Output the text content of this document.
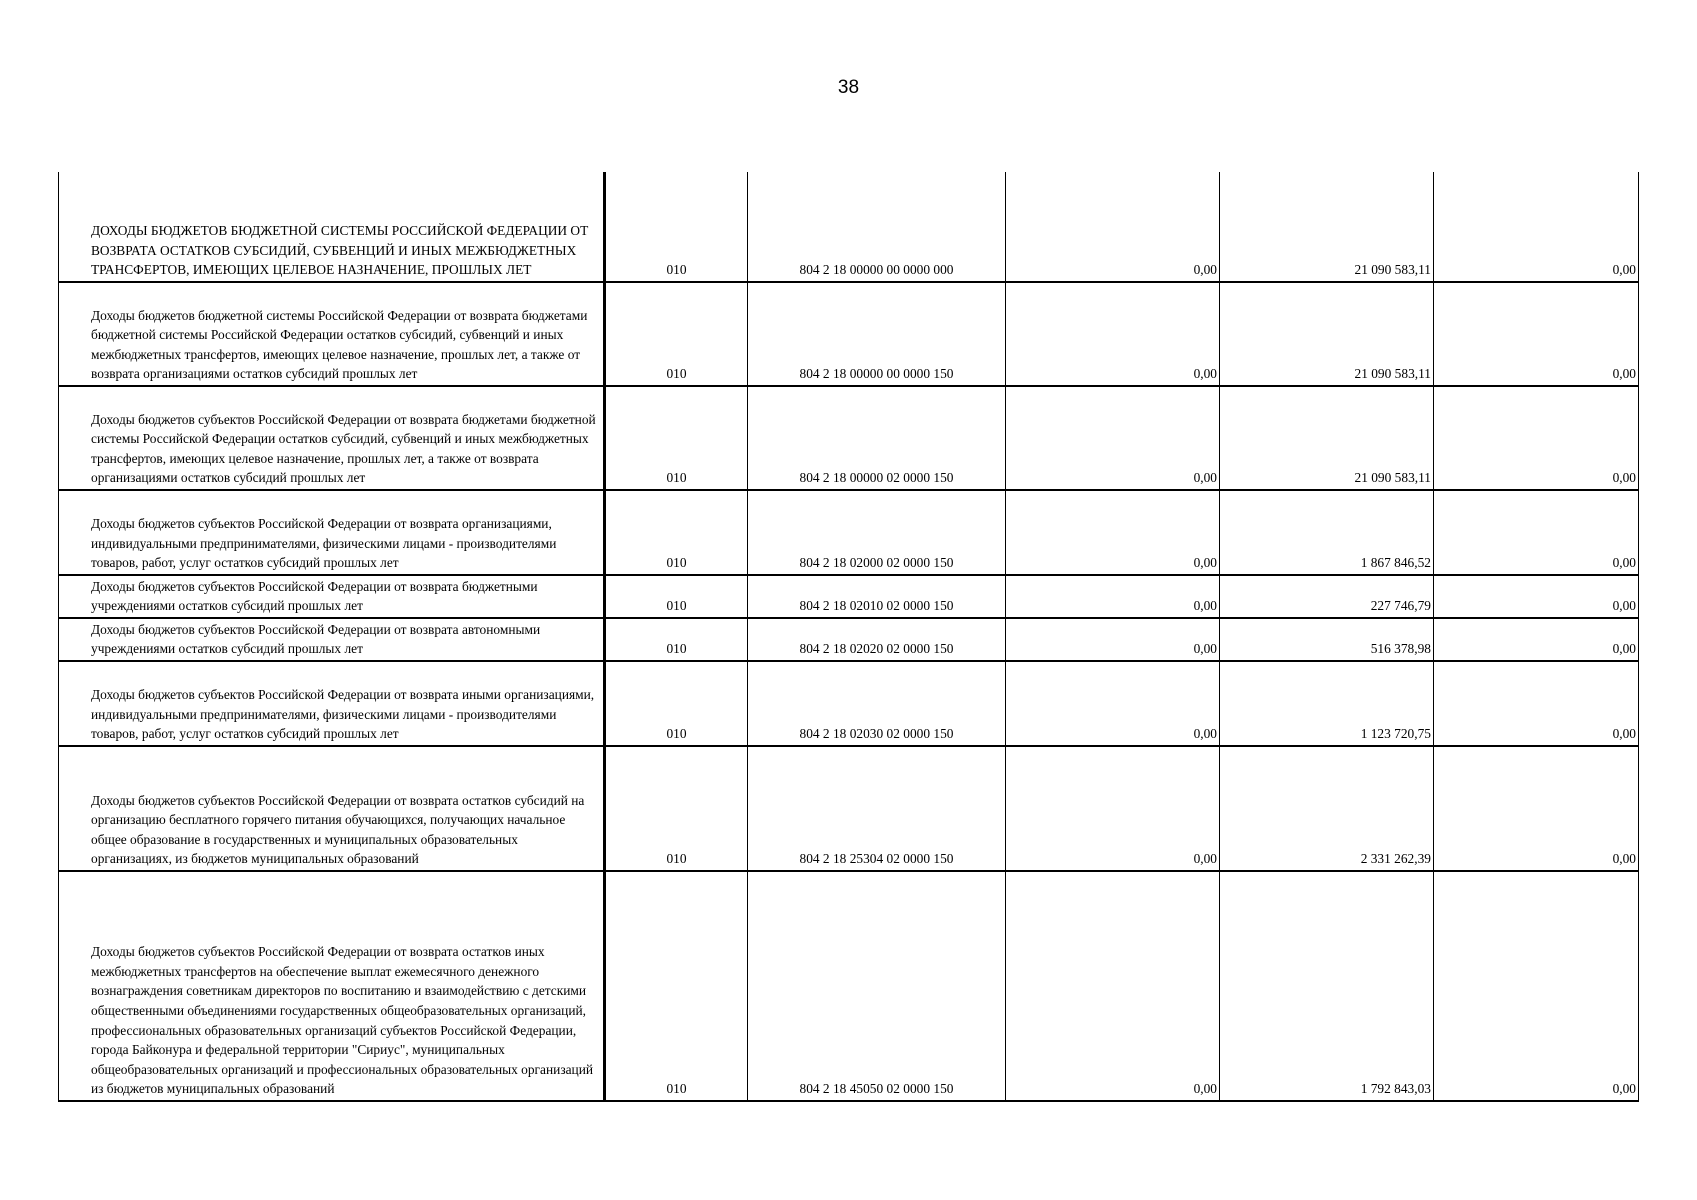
38
ДОХОДЫ БЮДЖЕТОВ БЮДЖЕТНОЙ СИСТЕМЫ РОССИЙСКОЙ ФЕДЕРАЦИИ ОТ ВОЗВРАТА ОСТАТКОВ СУБСИДИЙ, СУБВЕНЦИЙ И ИНЫХ МЕЖБЮДЖЕТНЫХ ТРАНСФЕРТОВ, ИМЕЮЩИХ ЦЕЛЕВОЕ НАЗНАЧЕНИЕ, ПРОШЛЫХ ЛЕТ	010	804 2 18 00000 00 0000 000	0,00	21 090 583,11	0,00
Доходы бюджетов бюджетной системы Российской Федерации от возврата бюджетами бюджетной системы Российской Федерации остатков субсидий, субвенций и иных межбюджетных трансфертов, имеющих целевое назначение, прошлых лет, а также от возврата организациями остатков субсидий прошлых лет	010	804 2 18 00000 00 0000 150	0,00	21 090 583,11	0,00
Доходы бюджетов субъектов Российской Федерации от возврата бюджетами бюджетной системы Российской Федерации остатков субсидий, субвенций и иных межбюджетных трансфертов, имеющих целевое назначение, прошлых лет, а также от возврата организациями остатков субсидий прошлых лет	010	804 2 18 00000 02 0000 150	0,00	21 090 583,11	0,00
Доходы бюджетов субъектов Российской Федерации от возврата организациями, индивидуальными предпринимателями, физическими лицами - производителями товаров, работ, услуг остатков субсидий прошлых лет	010	804 2 18 02000 02 0000 150	0,00	1 867 846,52	0,00
Доходы бюджетов субъектов Российской Федерации от возврата бюджетными учреждениями остатков субсидий прошлых лет	010	804 2 18 02010 02 0000 150	0,00	227 746,79	0,00
Доходы бюджетов субъектов Российской Федерации от возврата автономными учреждениями остатков субсидий прошлых лет	010	804 2 18 02020 02 0000 150	0,00	516 378,98	0,00
Доходы бюджетов субъектов Российской Федерации от возврата иными организациями, индивидуальными предпринимателями, физическими лицами - производителями товаров, работ, услуг остатков субсидий прошлых лет	010	804 2 18 02030 02 0000 150	0,00	1 123 720,75	0,00
Доходы бюджетов субъектов Российской Федерации от возврата остатков субсидий на организацию бесплатного горячего питания обучающихся, получающих начальное общее образование в государственных и муниципальных образовательных организациях, из бюджетов муниципальных образований	010	804 2 18 25304 02 0000 150	0,00	2 331 262,39	0,00
Доходы бюджетов субъектов Российской Федерации от возврата остатков иных межбюджетных трансфертов на обеспечение выплат ежемесячного денежного вознаграждения советникам директоров по воспитанию и взаимодействию с детскими общественными объединениями государственных общеобразовательных организаций, профессиональных образовательных организаций субъектов Российской Федерации, города Байконура и федеральной территории "Сириус", муниципальных общеобразовательных организаций и профессиональных образовательных организаций из бюджетов муниципальных образований	010	804 2 18 45050 02 0000 150	0,00	1 792 843,03	0,00
